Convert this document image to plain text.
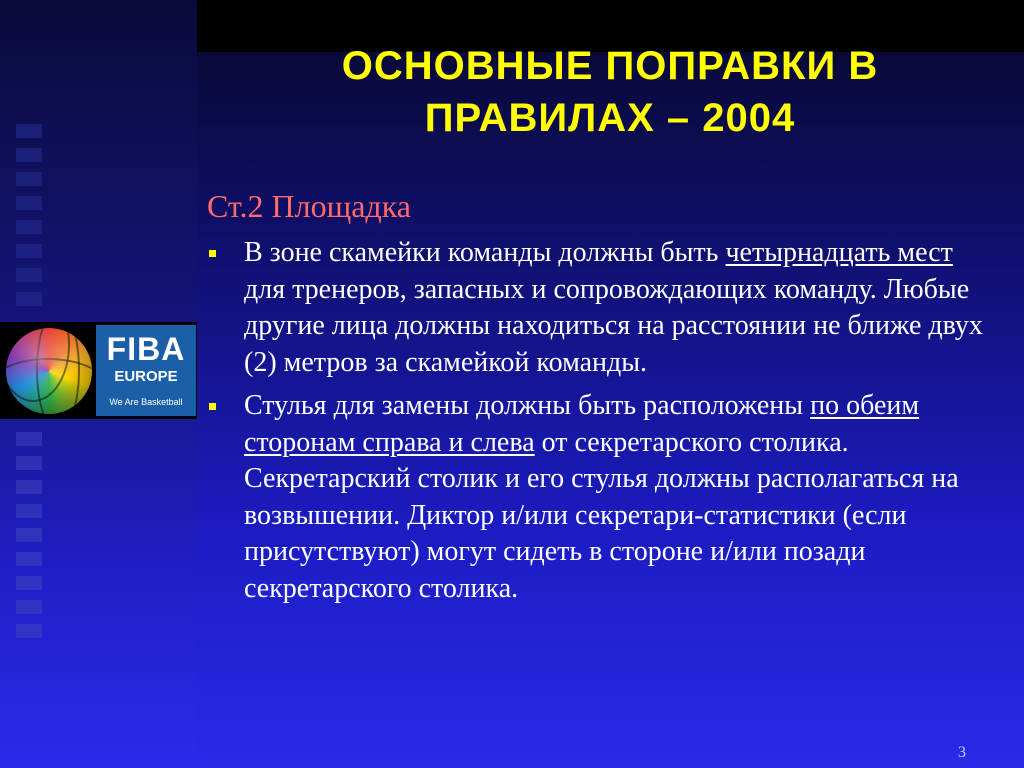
FIBA
EUROPE
We Are Basketball
ОСНОВНЫЕ ПОПРАВКИ В
ПРАВИЛАХ – 2004
Ст.2 Площадка
В зоне скамейки команды должны быть четырнадцать мест для тренеров, запасных и сопровождающих команду. Любые другие лица должны находиться на расстоянии не ближе двух (2) метров за скамейкой команды.
Стулья для замены должны быть расположены по обеим сторонам справа и слева от секретарского столика. Секретарский столик и его стулья должны располагаться на возвышении. Диктор и/или секретари-статистики (если присутствуют) могут сидеть в стороне и/или позади секретарского столика.
3
